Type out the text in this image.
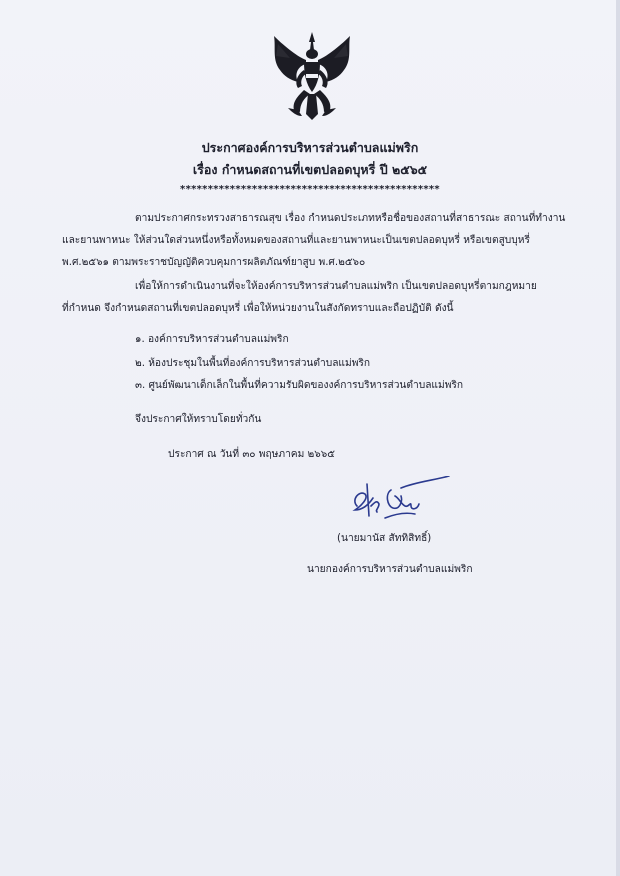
ประกาศองค์การบริหารส่วนตำบลแม่พริก
เรื่อง กำหนดสถานที่เขตปลอดบุหรี่ ปี ๒๕๖๕
***********************************************
ตามประกาศกระทรวงสาธารณสุข เรื่อง กำหนดประเภทหรือชื่อของสถานที่สาธารณะ สถานที่ทำงาน
และยานพาหนะ ให้ส่วนใดส่วนหนึ่งหรือทั้งหมดของสถานที่และยานพาหนะเป็นเขตปลอดบุหรี่ หรือเขตสูบบุหรี่
พ.ศ.๒๕๖๑ ตามพระราชบัญญัติควบคุมการผลิตภัณฑ์ยาสูบ พ.ศ.๒๕๖๐
เพื่อให้การดำเนินงานที่จะให้องค์การบริหารส่วนตำบลแม่พริก เป็นเขตปลอดบุหรี่ตามกฎหมาย
ที่กำหนด จึงกำหนดสถานที่เขตปลอดบุหรี่ เพื่อให้หน่วยงานในสังกัดทราบและถือปฏิบัติ ดังนี้
๑. องค์การบริหารส่วนตำบลแม่พริก
๒. ห้องประชุมในพื้นที่องค์การบริหารส่วนตำบลแม่พริก
๓. ศูนย์พัฒนาเด็กเล็กในพื้นที่ความรับผิดของงค์การบริหารส่วนตำบลแม่พริก
จึงประกาศให้ทราบโดยทั่วกัน
ประกาศ ณ วันที่ ๓๐ พฤษภาคม ๒๖๖๕
(นายมานัส สัททิสิทธิ์)
นายกองค์การบริหารส่วนตำบลแม่พริก
